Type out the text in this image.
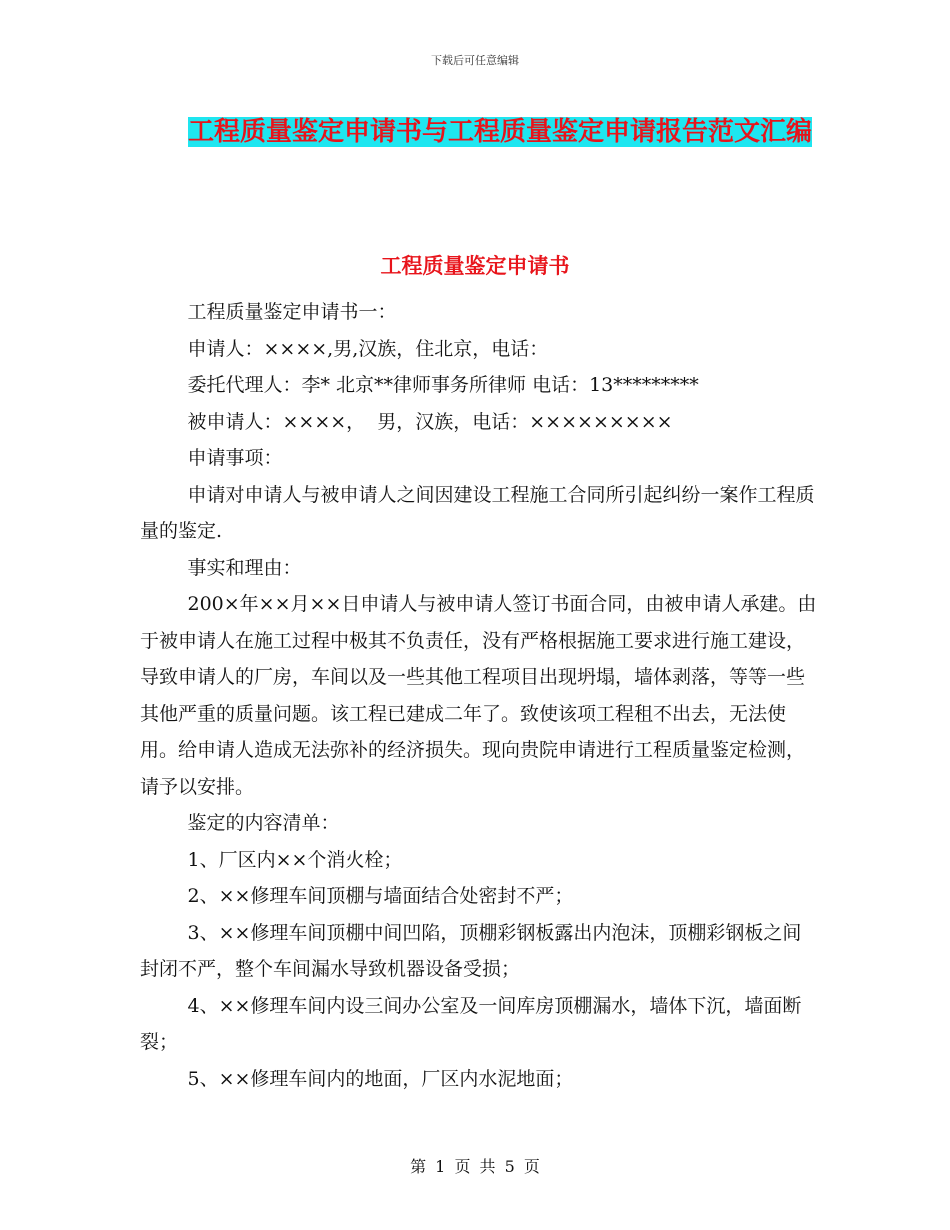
下载后可任意编辑
工程质量鉴定申请书与工程质量鉴定申请报告范文汇编
工程质量鉴定申请书

工程质量鉴定申请书一：

申请人：××××,男,汉族，住北京，电话：

委托代理人：李* 北京**律师事务所律师 电话：13*********

被申请人：××××，  男，汉族，电话：×××××××××

申请事项：

申请对申请人与被申请人之间因建设工程施工合同所引起纠纷一案作工程质量的鉴定.

事实和理由：

200×年××月××日申请人与被申请人签订书面合同，由被申请人承建。由于被申请人在施工过程中极其不负责任，没有严格根据施工要求进行施工建设，导致申请人的厂房，车间以及一些其他工程项目出现坍塌，墙体剥落，等等一些其他严重的质量问题。该工程已建成二年了。致使该项工程租不出去，无法使用。给申请人造成无法弥补的经济损失。现向贵院申请进行工程质量鉴定检测，请予以安排。

鉴定的内容清单：

1、厂区内××个消火栓；

2、××修理车间顶棚与墙面结合处密封不严；

3、××修理车间顶棚中间凹陷，顶棚彩钢板露出内泡沫，顶棚彩钢板之间封闭不严，整个车间漏水导致机器设备受损；

4、××修理车间内设三间办公室及一间库房顶棚漏水，墙体下沉，墙面断裂；

5、××修理车间内的地面，厂区内水泥地面；

第 1 页 共 5 页
